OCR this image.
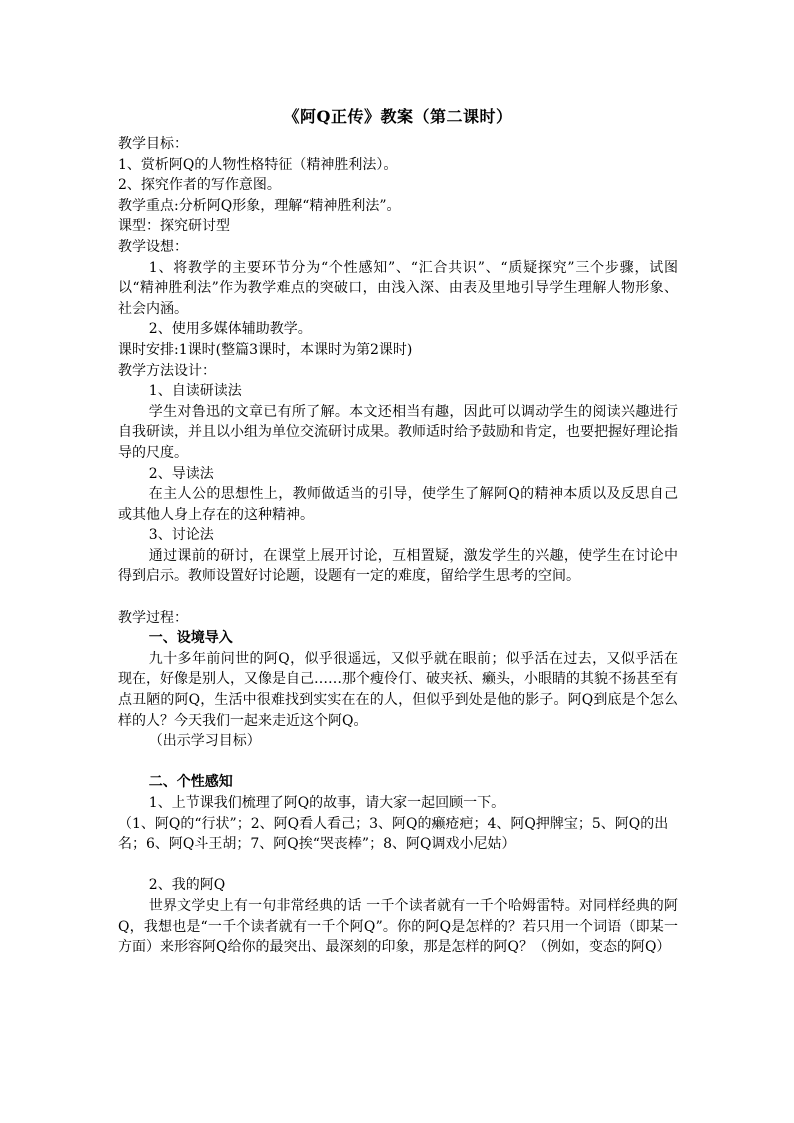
《阿Q正传》教案（第二课时）

教学目标：

1、赏析阿Q的人物性格特征（精神胜利法）。

2、探究作者的写作意图。

教学重点:分析阿Q形象，理解“精神胜利法”。

课型：探究研讨型

教学设想：

1、将教学的主要环节分为“个性感知”、“汇合共识”、“质疑探究”三个步骤，试图以“精神胜利法”作为教学难点的突破口，由浅入深、由表及里地引导学生理解人物形象、社会内涵。

2、使用多媒体辅助教学。

课时安排:1课时(整篇3课时，本课时为第2课时)

教学方法设计：

1、自读研读法

学生对鲁迅的文章已有所了解。本文还相当有趣，因此可以调动学生的阅读兴趣进行自我研读，并且以小组为单位交流研讨成果。教师适时给予鼓励和肯定，也要把握好理论指导的尺度。

2、导读法

在主人公的思想性上，教师做适当的引导，使学生了解阿Q的精神本质以及反思自己或其他人身上存在的这种精神。

3、讨论法

通过课前的研讨，在课堂上展开讨论，互相置疑，激发学生的兴趣，使学生在讨论中得到启示。教师设置好讨论题，设题有一定的难度，留给学生思考的空间。

教学过程：

一、设境导入

九十多年前问世的阿Q，似乎很遥远，又似乎就在眼前；似乎活在过去，又似乎活在现在，好像是别人，又像是自己……那个瘦伶仃、破夹袄、癞头，小眼睛的其貌不扬甚至有点丑陋的阿Q，生活中很难找到实实在在的人，但似乎到处是他的影子。阿Q到底是个怎么样的人？今天我们一起来走近这个阿Q。

（出示学习目标）

二、个性感知

1、上节课我们梳理了阿Q的故事，请大家一起回顾一下。

（1、阿Q的“行状”；2、阿Q看人看己；3、阿Q的癞疮疤；4、阿Q押牌宝；5、阿Q的出名；6、阿Q斗王胡；7、阿Q挨“哭丧棒”；8、阿Q调戏小尼姑）

2、我的阿Q

世界文学史上有一句非常经典的话 一千个读者就有一千个哈姆雷特。对同样经典的阿Q，我想也是“一千个读者就有一千个阿Q”。你的阿Q是怎样的？若只用一个词语（即某一方面）来形容阿Q给你的最突出、最深刻的印象，那是怎样的阿Q？（例如，变态的阿Q）
